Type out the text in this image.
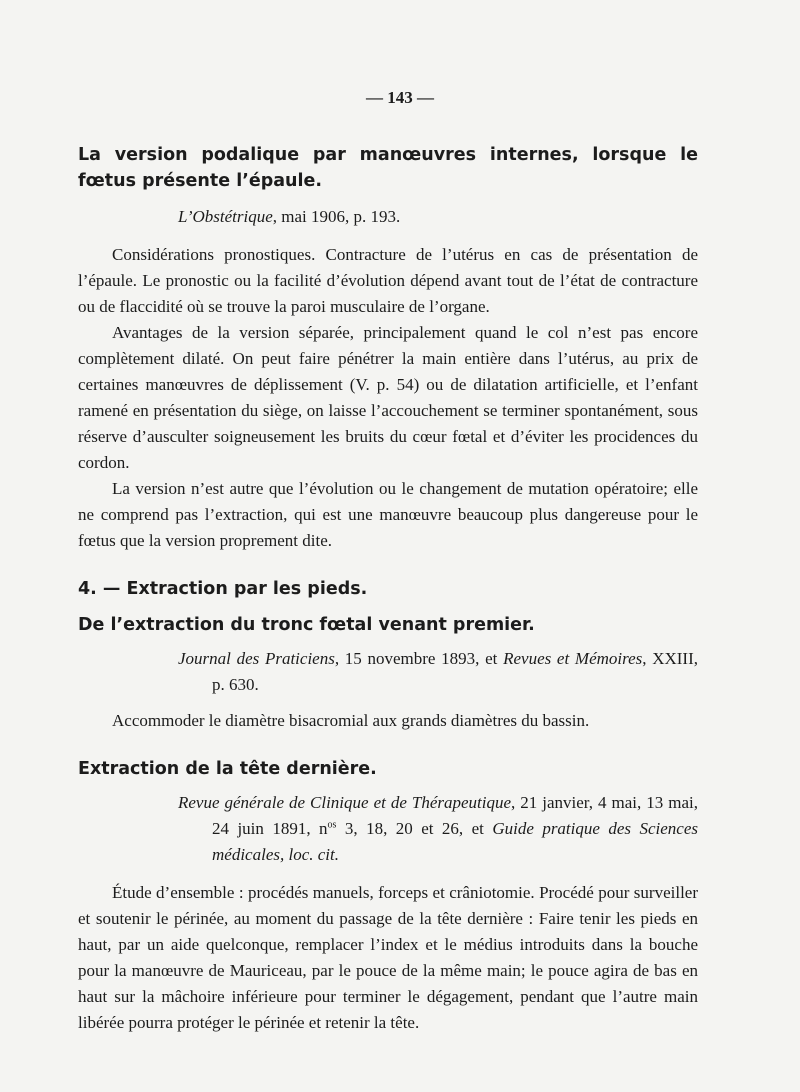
— 143 —
La version podalique par manœuvres internes, lorsque le fœtus présente l’épaule.

L’Obstétrique, mai 1906, p. 193.

Considérations pronostiques. Contracture de l’utérus en cas de présentation de l’épaule. Le pronostic ou la facilité d’évolution dépend avant tout de l’état de contracture ou de flaccidité où se trouve la paroi musculaire de l’organe.

Avantages de la version séparée, principalement quand le col n’est pas encore complètement dilaté. On peut faire pénétrer la main entière dans l’utérus, au prix de certaines manœuvres de déplissement (V. p. 54) ou de dilatation artificielle, et l’enfant ramené en présentation du siège, on laisse l’accouchement se terminer spontanément, sous réserve d’ausculter soigneusement les bruits du cœur fœtal et d’éviter les procidences du cordon.

La version n’est autre que l’évolution ou le changement de mutation opératoire; elle ne comprend pas l’extraction, qui est une manœuvre beaucoup plus dangereuse pour le fœtus que la version proprement dite.

4. — Extraction par les pieds.
De l’extraction du tronc fœtal venant premier.

Journal des Praticiens, 15 novembre 1893, et Revues et Mémoires, XXIII, p. 630.

Accommoder le diamètre bisacromial aux grands diamètres du bassin.

Extraction de la tête dernière.

Revue générale de Clinique et de Thérapeutique, 21 janvier, 4 mai, 13 mai, 24 juin 1891, $n^{os}$ 3, 18, 20 et 26, et Guide pratique des Sciences médicales, loc. cit.

Étude d’ensemble : procédés manuels, forceps et crâniotomie. Procédé pour surveiller et soutenir le périnée, au moment du passage de la tête dernière : Faire tenir les pieds en haut, par un aide quelconque, remplacer l’index et le médius introduits dans la bouche pour la manœuvre de Mauriceau, par le pouce de la même main; le pouce agira de bas en haut sur la mâchoire inférieure pour terminer le dégagement, pendant que l’autre main libérée pourra protéger le périnée et retenir la tête.
